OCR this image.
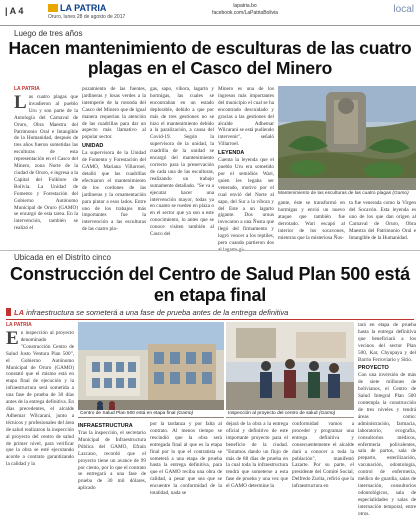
| A 4	LA PATRIA
Oruro, lunes 28 de agosto de 2017
lapatria.bo
facebook.com/LaPatriaBolivia	local
Luego de tres años
Hacen mantenimiento de esculturas de las cuatro plagas en el Casco del Minero
LA PATRIA
Las cuatro plagas que invadieron al pueblo Uru y son parte de la Antología del Carnaval de Oruro, Obra Maestra del Patrimonio Oral e Intangible de la Humanidad, después de tres años fueron sometidas las esculturas de esta representación en el Casco del Minero, zona Norte de la ciudad de Oruro, e ingresa a la Capital del Folklore de Bolivia. La Unidad de Fomento y Forestación del Gobierno Autónomo Municipal de Oruro (GAMO) se encargó de esta tarea. En la intervención, también se realizó el
pozamiento de las fuentes, jardineras y losas verdes a la intemperie de la rotonda del Casco del Minero que de igual manera requerían la atención de las cuadrillas para dar un aspecto más llamativo al popular sector.
UNIDAD
La supervisora de la Unidad de Fomento y Forestación del GAMO, Mariana Villarroel, detalló que las cuadrillas efectuaron el mantenimiento de los cordones de las jardineras y la ornamentación para pintar a esos lados. Entre uno de los trabajos más importantes fue la intervención a las esculturas de las cuatro pla-
gas, sapo, víbora, lagarto y hormigas, las cuales se encontraban en un estado deplorable, debido a que por más de tres gestiones no se hizo el mantenimiento debido a la paralización, a causa del Covid-19. Según la supervisora de la unidad, la cuadrilla de la unidad se encargó del mantenimiento correcto para la preservación de cada una de las esculturas, realizando un trabajo sumamente detallado. "Se va a ejecutar hacer una intervención mayor, todas ya en cuanto se rueden en plaza o en el sector que ya son a este conocimiento, lo antes que se conoce visiten también al Casco del
Minero es una de los ingresos más importantes del municipio el cual se ha encontrado descuidado y gracias a las gestiones del alcalde Adhemar Wilcarani se está pudiendo intervenir", señaló Villarroel.
LEYENDA
Cuenta la leyenda que el pueblo Uru era sometido por el semidiós Wari, quien les legaba ser venerado, motivo por el cual envió del Norte al sapo, del Sur a la víbora y del Este a un lagarto gigante. Dos uruus invocaron a una Ñusta que llegó del firmamento y logró vencer a los reptiles, pero cuando partieron dos
Mantenimiento de las esculturas de las cuatro plagas (Gamo)
gante, éste se transformó en hormigas y envió un nuevo ataque que también fue derrotado. Wari escapó al interior de los socavones, mientras que la misteriosa Ñus-
ta fue venerada como la Virgen del Socavón. Esta leyenda es uno de los que dan origen al Carnaval de Oruro, Obra Maestra del Patrimonio Oral e Intangible de la Humanidad.
Ubicada en el Distrito cinco
Construcción del Centro de Salud Plan 500 está en etapa final
LA infraestructura se someterá a una fase de prueba antes de la entrega definitiva
LA PATRIA
En inspección al proyecto denominado "Construcción Centro de Salud Justo Ventura Plan 500", el Gobierno Autónomo Municipal de Oruro (GAMO) constató que el mismo está en etapa final de ejecución y la infraestructura será sometida a una fase de prueba de 30 días antes de la entrega definitiva. En días precedentes, el alcalde Adhemar Wilcarani, junto a técnicos y profesionales del área de salud realizaron la inspección al proyecto del centro de salud de primer nivel, para verificar que la obra se esté ejecutando acorde a contrato garantizando la calidad y la
Centro de Salud Plan 500 está en etapa final (Gamo)	Inspección al proyecto del centro de salud (Gamo)
INFRAESTRUCTURA
Tras la inspección, el secretario Municipal de Infraestructura Pública del GAMO, Efraín Lazcano, recordó que el proyecto tiene un avance de 99 por ciento, por lo que el contrato se entregará a una fase de prueba de 30 mil dólares, aplicado
por la tardanza y por falta al contrato. Al menos tiempo se rescindió que la obra será entregada final al que es la etapa final por lo que el contratista se someterá a una etapa de prueba hasta la entrega definitiva, para que el GAMO reciba una obra de calidad, a pesar que sea que se encuentre la conformidad de la totalidad, nada se
dejará de la obra a la entrega oficial y definitivo de este importante proyecto para el beneficio de la ciudad. "Estamos dando un flujo de más de 88 días de prueba en la cual toda la infraestructura tendrá que someterse a esta fase de prueba y una vez que el GAMO determine la
conformidad vamos a proceder y programar una entrega definitiva y consecuentemente el alcalde dará a conocer a toda la población", manifestó Lazarte. Por su parte, el presidente del Comité Social, Delfredo Zurita, refirió que la infraestructura en
tará en etapa de prueba hasta la entrega definitiva que beneficiará a los vecinos del sector Plan 500, Kar, Chyupaya y del Barrio Ferroviario y Sitio.
PROYECTO
Con una inversión de más de siete millones de bolivianos, el Centro de Salud Integral Plan 500 contempla la construcción de tres niveles y tendrá áreas como: administración, farmacia, laboratorio, ecografía, consultorios médicos, enfermería polivalentes, sala de partos, sala de preparto, esterilización, vacunación, odontología, control de enfermería, médico de guardia, salas de internación, consultorios odontológicos, sala de especialidades y salas de internación temporal, entre otros.
